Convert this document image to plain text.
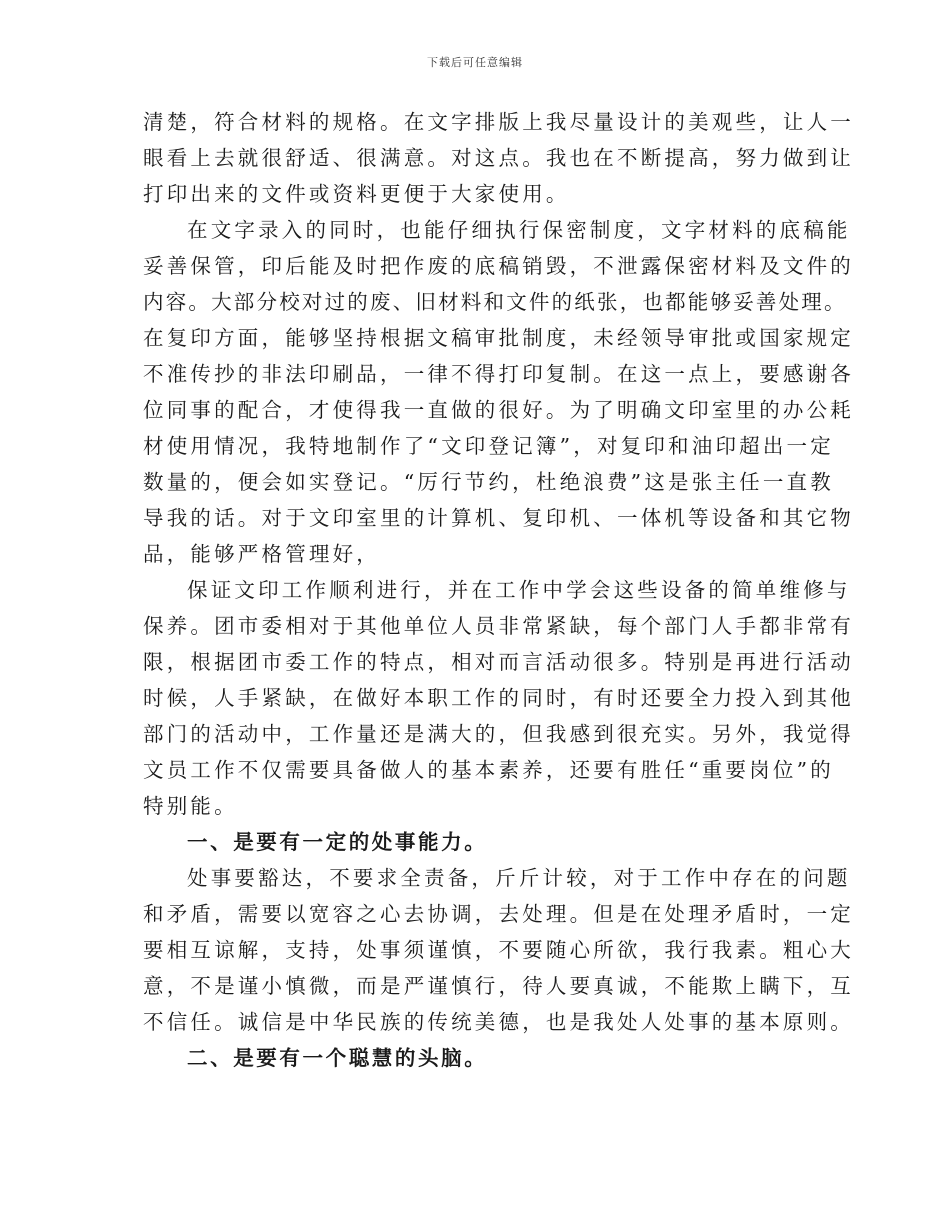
下载后可任意编辑
清楚，符合材料的规格。在文字排版上我尽量设计的美观些，让人一
眼看上去就很舒适、很满意。对这点。我也在不断提高，努力做到让
打印出来的文件或资料更便于大家使用。
在文字录入的同时，也能仔细执行保密制度，文字材料的底稿能
妥善保管，印后能及时把作废的底稿销毁，不泄露保密材料及文件的
内容。大部分校对过的废、旧材料和文件的纸张，也都能够妥善处理。
在复印方面，能够坚持根据文稿审批制度，未经领导审批或国家规定
不准传抄的非法印刷品，一律不得打印复制。在这一点上，要感谢各
位同事的配合，才使得我一直做的很好。为了明确文印室里的办公耗
材使用情况，我特地制作了“文印登记簿”，对复印和油印超出一定
数量的，便会如实登记。“厉行节约，杜绝浪费”这是张主任一直教
导我的话。对于文印室里的计算机、复印机、一体机等设备和其它物
品，能够严格管理好，
保证文印工作顺利进行，并在工作中学会这些设备的简单维修与
保养。团市委相对于其他单位人员非常紧缺，每个部门人手都非常有
限，根据团市委工作的特点，相对而言活动很多。特别是再进行活动
时候，人手紧缺，在做好本职工作的同时，有时还要全力投入到其他
部门的活动中，工作量还是满大的，但我感到很充实。另外，我觉得
文员工作不仅需要具备做人的基本素养，还要有胜任“重要岗位”的
特别能。
一、是要有一定的处事能力。
处事要豁达，不要求全责备，斤斤计较，对于工作中存在的问题
和矛盾，需要以宽容之心去协调，去处理。但是在处理矛盾时，一定
要相互谅解，支持，处事须谨慎，不要随心所欲，我行我素。粗心大
意，不是谨小慎微，而是严谨慎行，待人要真诚，不能欺上瞒下，互
不信任。诚信是中华民族的传统美德，也是我处人处事的基本原则。
二、是要有一个聪慧的头脑。
